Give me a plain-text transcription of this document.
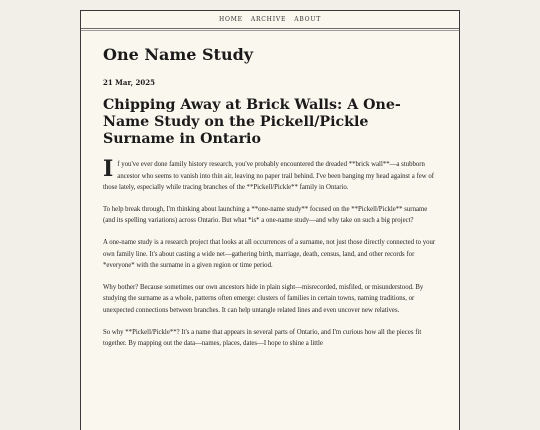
HOME ARCHIVE ABOUT
One Name Study
21 Mar, 2025
Chipping Away at Brick Walls: A One-Name Study on the Pickell/Pickle Surname in Ontario

If you've ever done family history research, you've probably encountered the dreaded **brick wall**—a stubborn ancestor who seems to vanish into thin air, leaving no paper trail behind. I've been banging my head against a few of those lately, especially while tracing branches of the **Pickell/Pickle** family in Ontario.

To help break through, I'm thinking about launching a **one-name study** focused on the **Pickell/Pickle** surname (and its spelling variations) across Ontario. But what *is* a one-name study—and why take on such a big project?

A one-name study is a research project that looks at all occurrences of a surname, not just those directly connected to your own family line. It's about casting a wide net—gathering birth, marriage, death, census, land, and other records for *everyone* with the surname in a given region or time period.

Why bother? Because sometimes our own ancestors hide in plain sight—misrecorded, misfiled, or misunderstood. By studying the surname as a whole, patterns often emerge: clusters of families in certain towns, naming traditions, or unexpected connections between branches. It can help untangle related lines and even uncover new relatives.

So why **Pickell/Pickle**? It's a name that appears in several parts of Ontario, and I'm curious how all the pieces fit together. By mapping out the data—names, places, dates—I hope to shine a little
